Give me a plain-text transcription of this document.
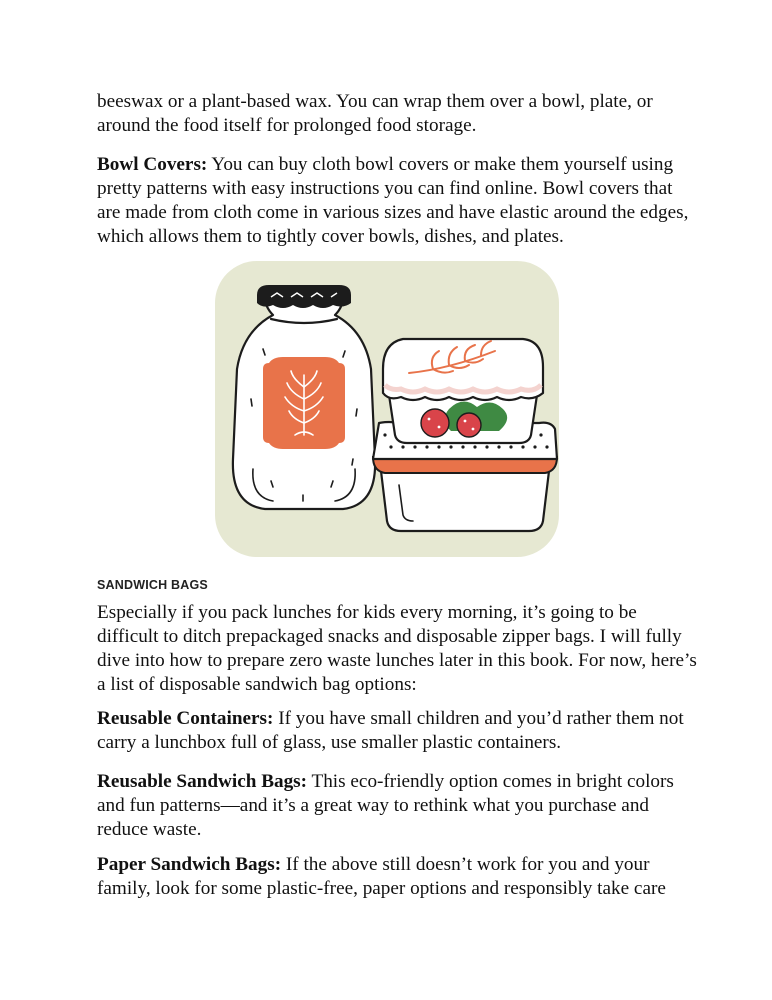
beeswax or a plant-based wax. You can wrap them over a bowl, plate, or around the food itself for prolonged food storage.

Bowl Covers: You can buy cloth bowl covers or make them yourself using pretty patterns with easy instructions you can find online. Bowl covers that are made from cloth come in various sizes and have elastic around the edges, which allows them to tightly cover bowls, dishes, and plates.

SANDWICH BAGS

Especially if you pack lunches for kids every morning, it’s going to be difficult to ditch prepackaged snacks and disposable zipper bags. I will fully dive into how to prepare zero waste lunches later in this book. For now, here’s a list of disposable sandwich bag options:

Reusable Containers: If you have small children and you’d rather them not carry a lunchbox full of glass, use smaller plastic containers.

Reusable Sandwich Bags: This eco-friendly option comes in bright colors and fun patterns—and it’s a great way to rethink what you purchase and reduce waste.

Paper Sandwich Bags: If the above still doesn’t work for you and your family, look for some plastic-free, paper options and responsibly take care
